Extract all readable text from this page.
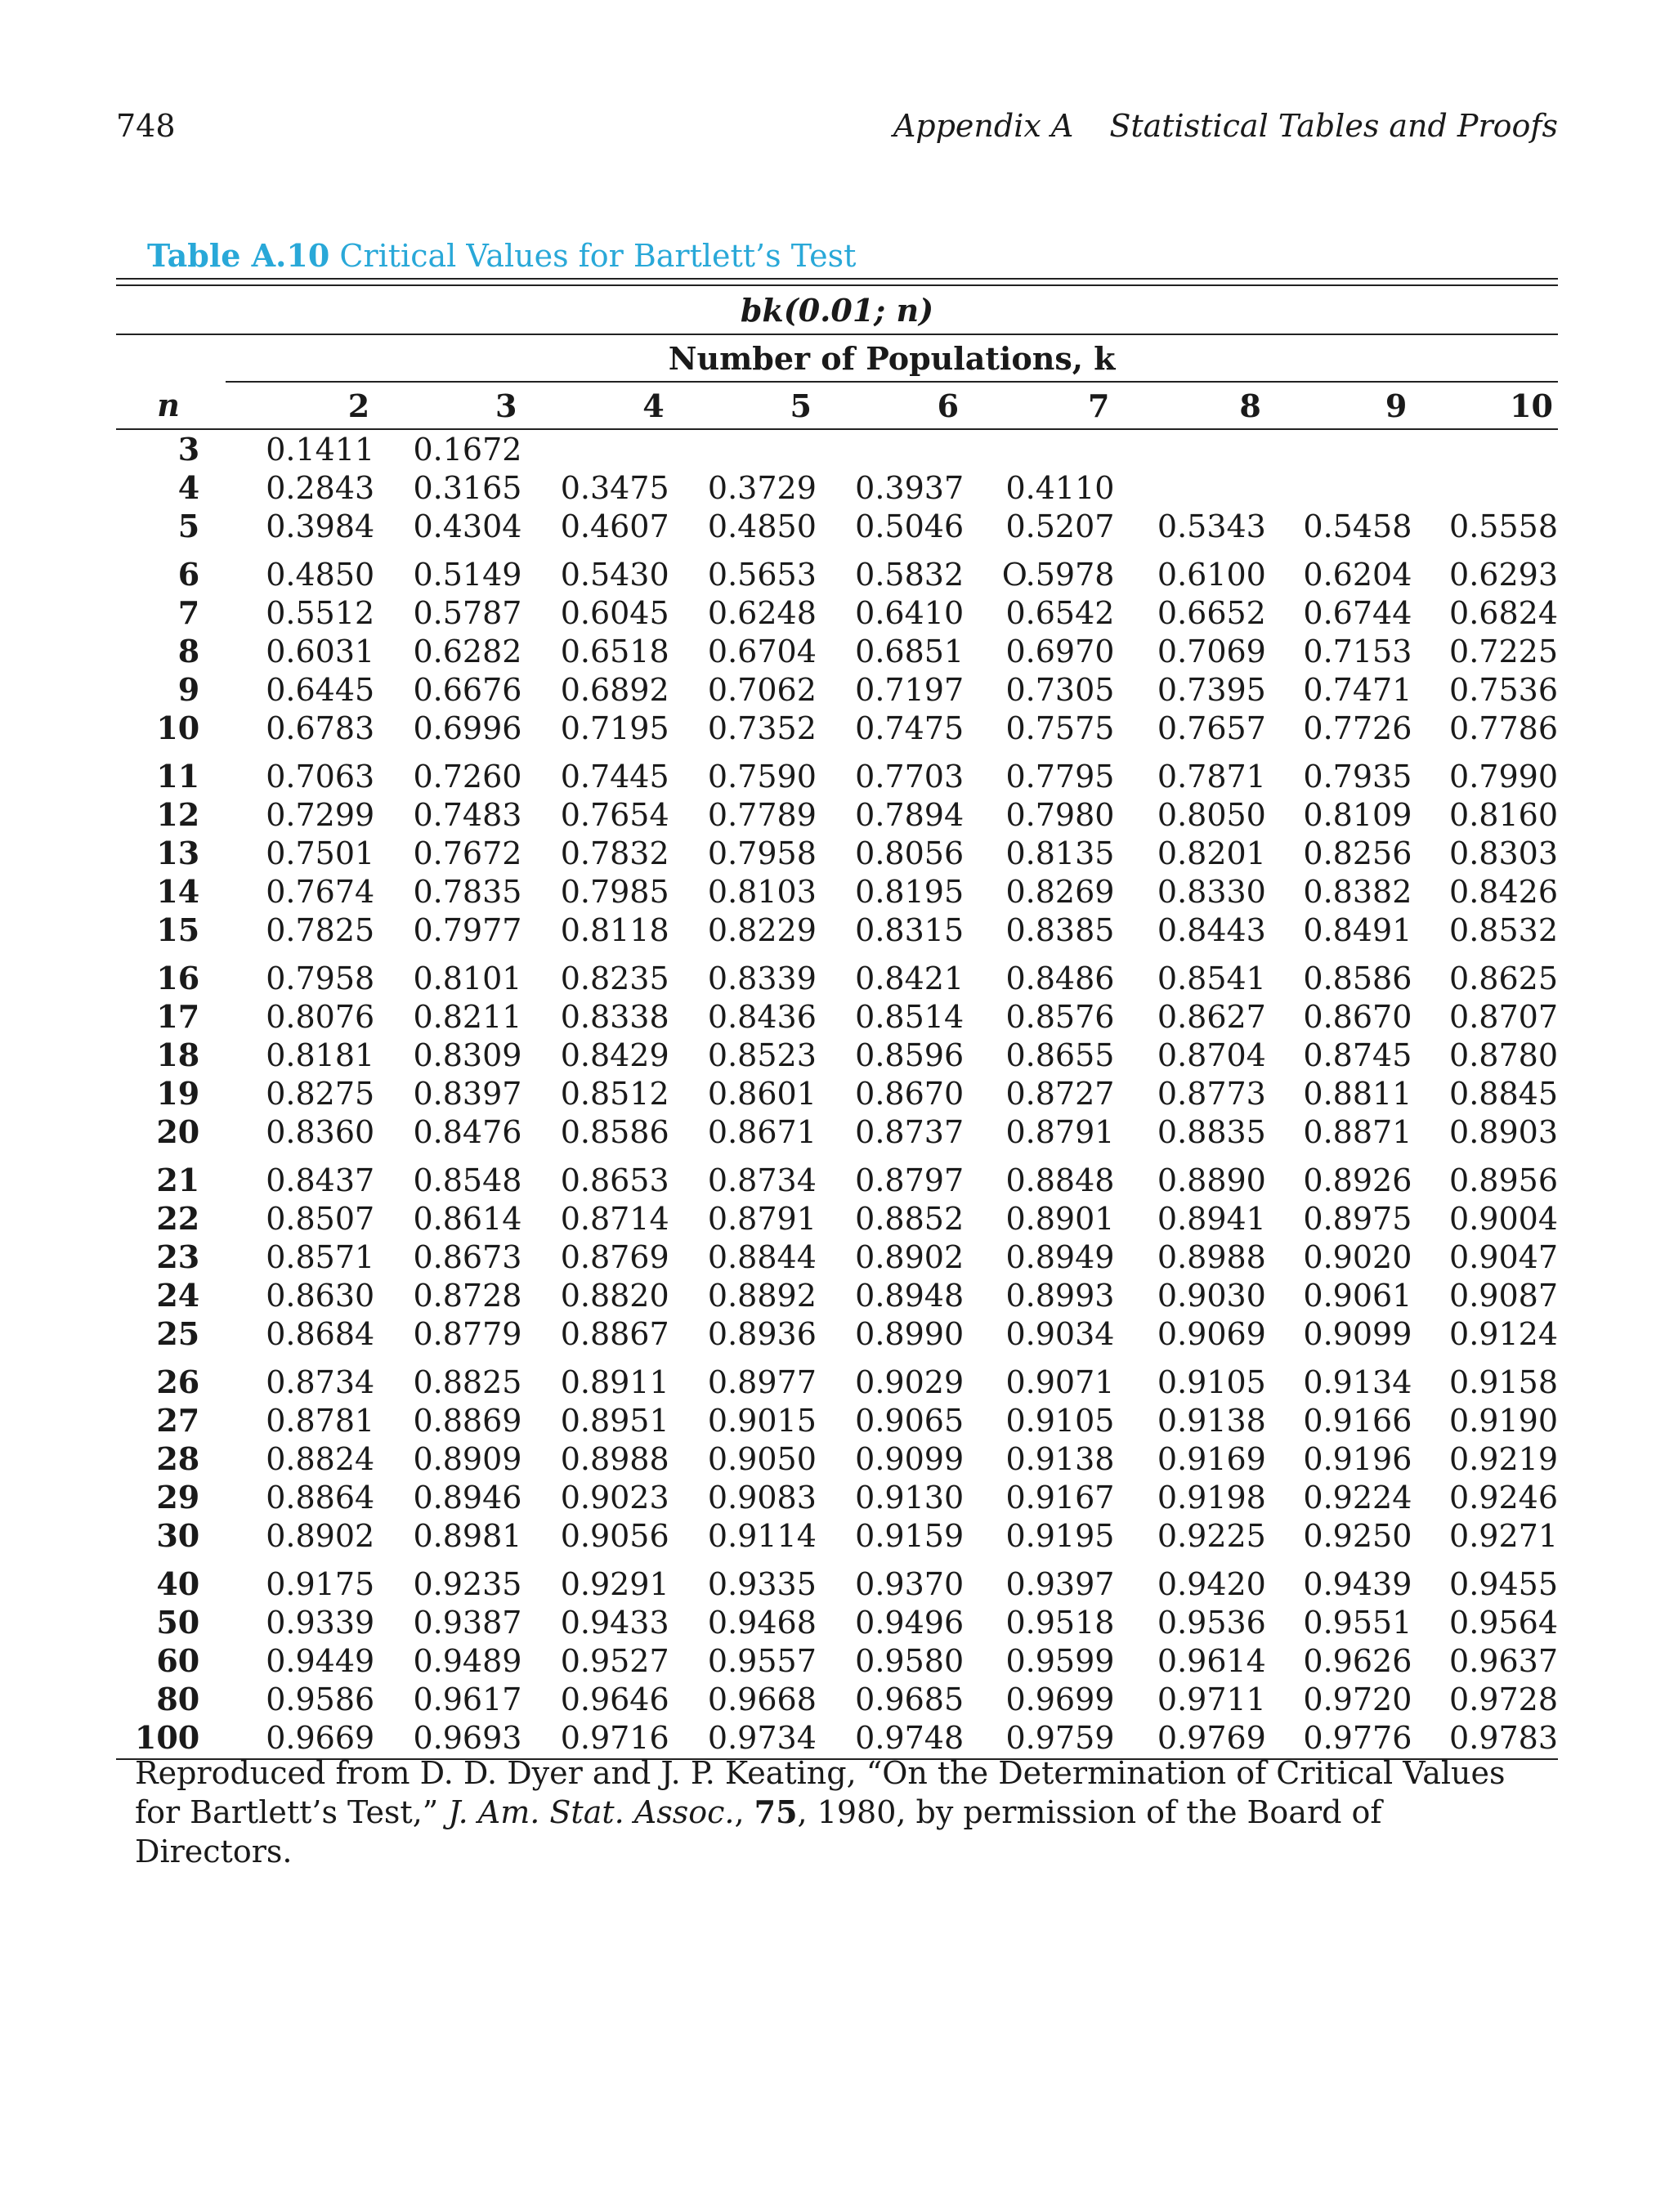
748	Appendix A Statistical Tables and Proofs
Table A.10 Critical Values for Bartlett’s Test

bk(0.01; n)									
	Number of Populations, k								
n	2	3	4	5	6	7	8	9	10
3	0.1411	0.1672							
4	0.2843	0.3165	0.3475	0.3729	0.3937	0.4110			
5	0.3984	0.4304	0.4607	0.4850	0.5046	0.5207	0.5343	0.5458	0.5558
6	0.4850	0.5149	0.5430	0.5653	0.5832	O.5978	0.6100	0.6204	0.6293
7	0.5512	0.5787	0.6045	0.6248	0.6410	0.6542	0.6652	0.6744	0.6824
8	0.6031	0.6282	0.6518	0.6704	0.6851	0.6970	0.7069	0.7153	0.7225
9	0.6445	0.6676	0.6892	0.7062	0.7197	0.7305	0.7395	0.7471	0.7536
10	0.6783	0.6996	0.7195	0.7352	0.7475	0.7575	0.7657	0.7726	0.7786
11	0.7063	0.7260	0.7445	0.7590	0.7703	0.7795	0.7871	0.7935	0.7990
12	0.7299	0.7483	0.7654	0.7789	0.7894	0.7980	0.8050	0.8109	0.8160
13	0.7501	0.7672	0.7832	0.7958	0.8056	0.8135	0.8201	0.8256	0.8303
14	0.7674	0.7835	0.7985	0.8103	0.8195	0.8269	0.8330	0.8382	0.8426
15	0.7825	0.7977	0.8118	0.8229	0.8315	0.8385	0.8443	0.8491	0.8532
16	0.7958	0.8101	0.8235	0.8339	0.8421	0.8486	0.8541	0.8586	0.8625
17	0.8076	0.8211	0.8338	0.8436	0.8514	0.8576	0.8627	0.8670	0.8707
18	0.8181	0.8309	0.8429	0.8523	0.8596	0.8655	0.8704	0.8745	0.8780
19	0.8275	0.8397	0.8512	0.8601	0.8670	0.8727	0.8773	0.8811	0.8845
20	0.8360	0.8476	0.8586	0.8671	0.8737	0.8791	0.8835	0.8871	0.8903
21	0.8437	0.8548	0.8653	0.8734	0.8797	0.8848	0.8890	0.8926	0.8956
22	0.8507	0.8614	0.8714	0.8791	0.8852	0.8901	0.8941	0.8975	0.9004
23	0.8571	0.8673	0.8769	0.8844	0.8902	0.8949	0.8988	0.9020	0.9047
24	0.8630	0.8728	0.8820	0.8892	0.8948	0.8993	0.9030	0.9061	0.9087
25	0.8684	0.8779	0.8867	0.8936	0.8990	0.9034	0.9069	0.9099	0.9124
26	0.8734	0.8825	0.8911	0.8977	0.9029	0.9071	0.9105	0.9134	0.9158
27	0.8781	0.8869	0.8951	0.9015	0.9065	0.9105	0.9138	0.9166	0.9190
28	0.8824	0.8909	0.8988	0.9050	0.9099	0.9138	0.9169	0.9196	0.9219
29	0.8864	0.8946	0.9023	0.9083	0.9130	0.9167	0.9198	0.9224	0.9246
30	0.8902	0.8981	0.9056	0.9114	0.9159	0.9195	0.9225	0.9250	0.9271
40	0.9175	0.9235	0.9291	0.9335	0.9370	0.9397	0.9420	0.9439	0.9455
50	0.9339	0.9387	0.9433	0.9468	0.9496	0.9518	0.9536	0.9551	0.9564
60	0.9449	0.9489	0.9527	0.9557	0.9580	0.9599	0.9614	0.9626	0.9637
80	0.9586	0.9617	0.9646	0.9668	0.9685	0.9699	0.9711	0.9720	0.9728
100	0.9669	0.9693	0.9716	0.9734	0.9748	0.9759	0.9769	0.9776	0.9783

Reproduced from D. D. Dyer and J. P. Keating, “On the Determination of Critical Values for Bartlett’s Test,” J. Am. Stat. Assoc., 75, 1980, by permission of the Board of Directors.
